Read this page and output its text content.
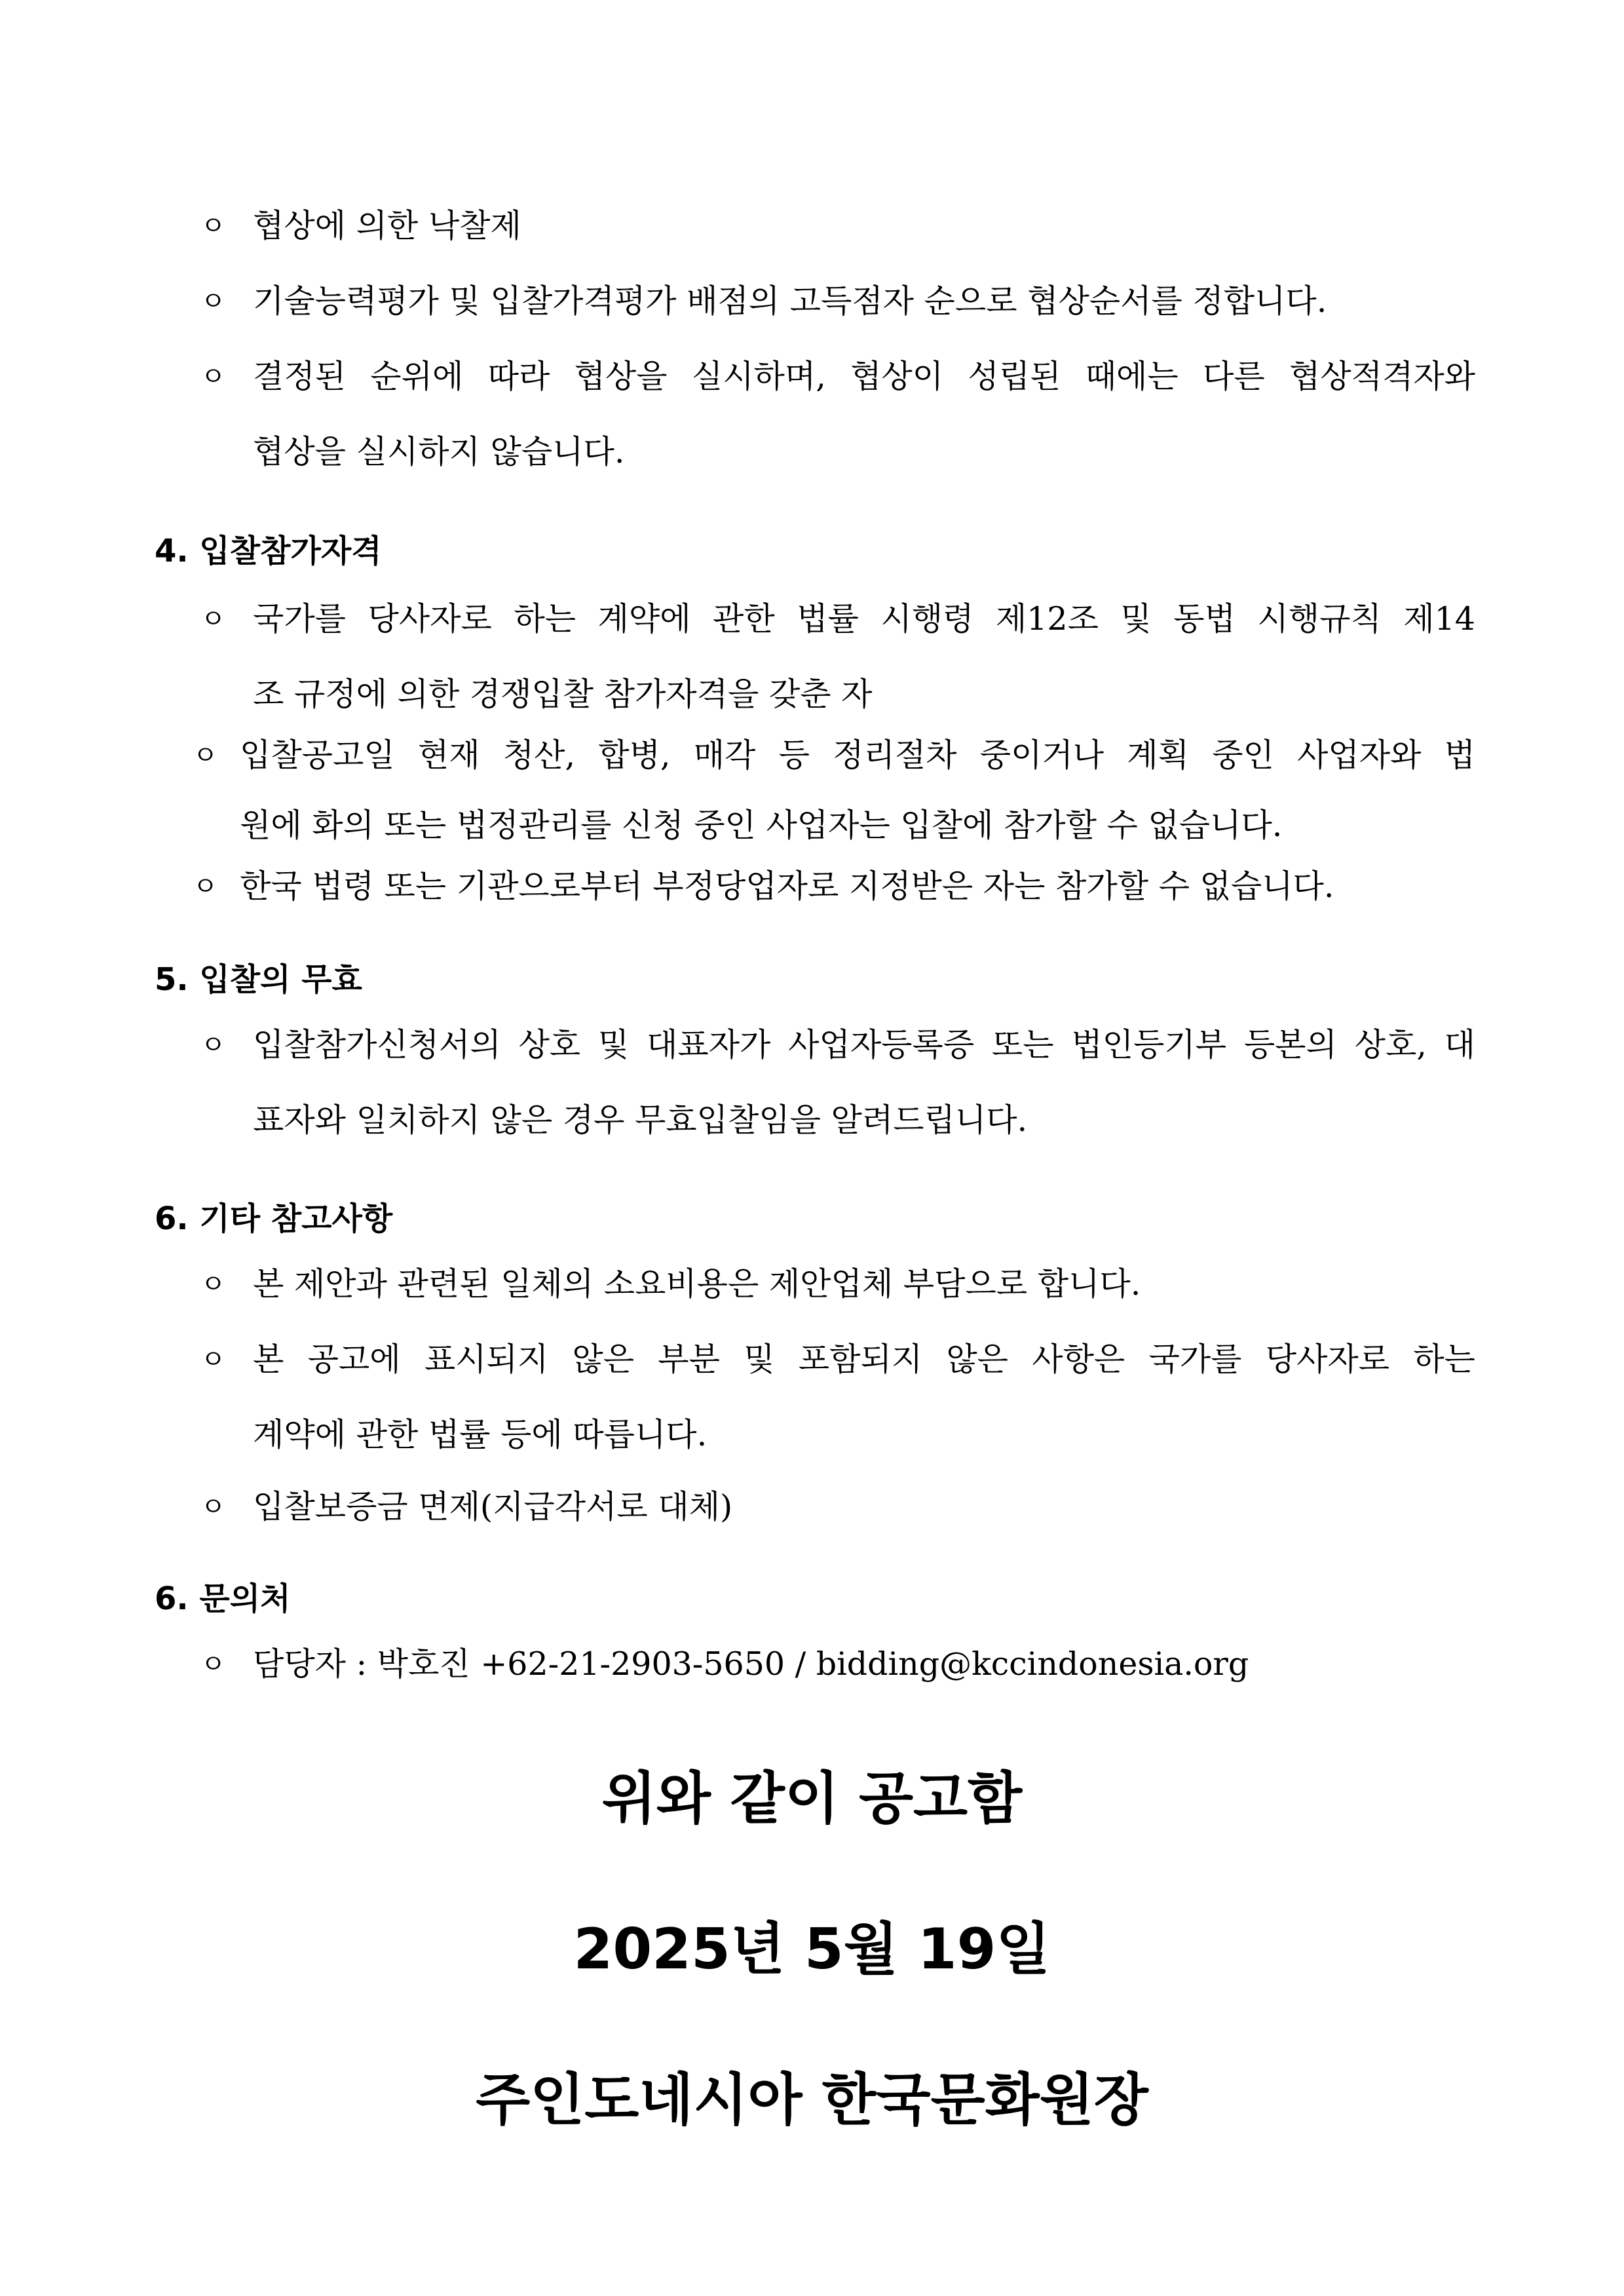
ㅇ 협상에 의한 낙찰제
ㅇ 기술능력평가 및 입찰가격평가 배점의 고득점자 순으로 협상순서를 정합니다.
ㅇ 결정된 순위에 따라 협상을 실시하며, 협상이 성립된 때에는 다른 협상적격자와
협상을 실시하지 않습니다.
4. 입찰참가자격
ㅇ 국가를 당사자로 하는 계약에 관한 법률 시행령 제12조 및 동법 시행규칙 제14
조 규정에 의한 경쟁입찰 참가자격을 갖춘 자
ㅇ 입찰공고일 현재 청산, 합병, 매각 등 정리절차 중이거나 계획 중인 사업자와 법
원에 화의 또는 법정관리를 신청 중인 사업자는 입찰에 참가할 수 없습니다.
ㅇ 한국 법령 또는 기관으로부터 부정당업자로 지정받은 자는 참가할 수 없습니다.
5. 입찰의 무효
ㅇ 입찰참가신청서의 상호 및 대표자가 사업자등록증 또는 법인등기부 등본의 상호, 대
표자와 일치하지 않은 경우 무효입찰임을 알려드립니다.
6. 기타 참고사항
ㅇ 본 제안과 관련된 일체의 소요비용은 제안업체 부담으로 합니다.
ㅇ 본 공고에 표시되지 않은 부분 및 포함되지 않은 사항은 국가를 당사자로 하는
계약에 관한 법률 등에 따릅니다.
ㅇ 입찰보증금 면제(지급각서로 대체)
6. 문의처
ㅇ 담당자 : 박호진 +62-21-2903-5650 / bidding@kccindonesia.org
위와 같이 공고함
2025년 5월 19일
주인도네시아 한국문화원장
